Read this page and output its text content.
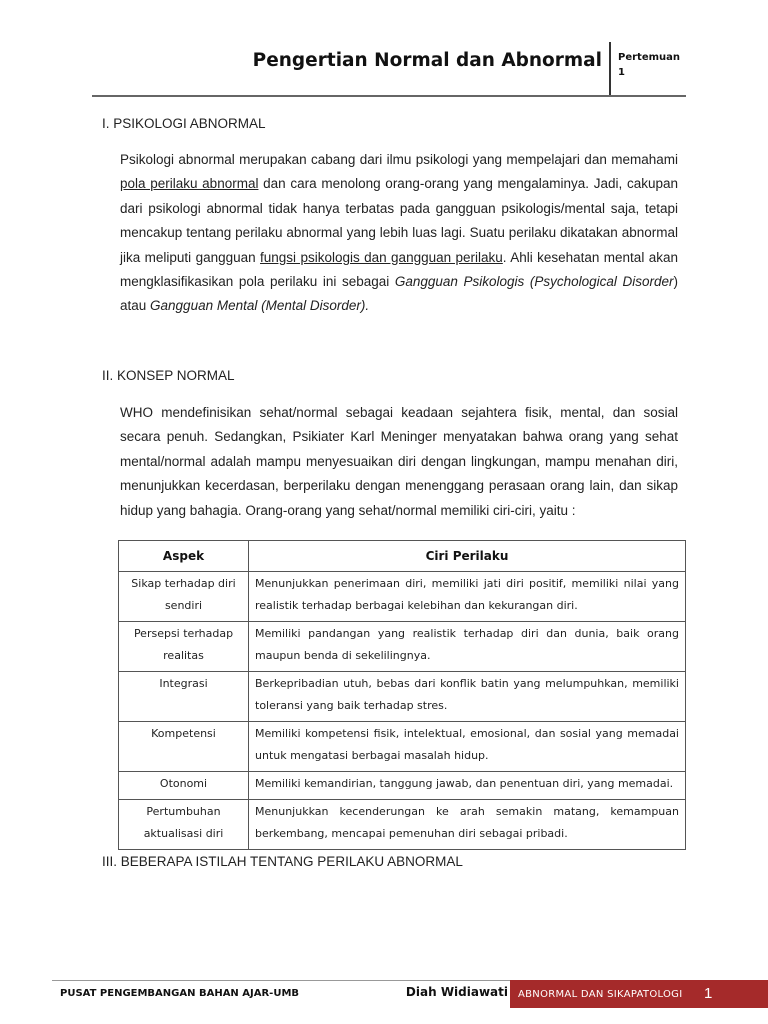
Pengertian Normal dan Abnormal Pertemuan 1
I. PSIKOLOGI ABNORMAL
Psikologi abnormal merupakan cabang dari ilmu psikologi yang mempelajari dan memahami pola perilaku abnormal dan cara menolong orang-orang yang mengalaminya. Jadi, cakupan dari psikologi abnormal tidak hanya terbatas pada gangguan psikologis/mental saja, tetapi mencakup tentang perilaku abnormal yang lebih luas lagi. Suatu perilaku dikatakan abnormal jika meliputi gangguan fungsi psikologis dan gangguan perilaku. Ahli kesehatan mental akan mengklasifikasikan pola perilaku ini sebagai Gangguan Psikologis (Psychological Disorder) atau Gangguan Mental (Mental Disorder).
II. KONSEP NORMAL
WHO mendefinisikan sehat/normal sebagai keadaan sejahtera fisik, mental, dan sosial secara penuh. Sedangkan, Psikiater Karl Meninger menyatakan bahwa orang yang sehat mental/normal adalah mampu menyesuaikan diri dengan lingkungan, mampu menahan diri, menunjukkan kecerdasan, berperilaku dengan menenggang perasaan orang lain, dan sikap hidup yang bahagia. Orang-orang yang sehat/normal memiliki ciri-ciri, yaitu :
Aspek	Ciri Perilaku
Sikap terhadap diri sendiri	Menunjukkan penerimaan diri, memiliki jati diri positif, memiliki nilai yang realistik terhadap berbagai kelebihan dan kekurangan diri.
Persepsi terhadap realitas	Memiliki pandangan yang realistik terhadap diri dan dunia, baik orang maupun benda di sekelilingnya.
Integrasi	Berkepribadian utuh, bebas dari konflik batin yang melumpuhkan, memiliki toleransi yang baik terhadap stres.
Kompetensi	Memiliki kompetensi fisik, intelektual, emosional, dan sosial yang memadai untuk mengatasi berbagai masalah hidup.
Otonomi	Memiliki kemandirian, tanggung jawab, dan penentuan diri, yang memadai.
Pertumbuhan aktualisasi diri	Menunjukkan kecenderungan ke arah semakin matang, kemampuan berkembang, mencapai pemenuhan diri sebagai pribadi.
III. BEBERAPA ISTILAH TENTANG PERILAKU ABNORMAL
PUSAT PENGEMBANGAN BAHAN AJAR-UMB	Diah Widiawati ABNORMAL DAN SIKAPATOLOGI 1
